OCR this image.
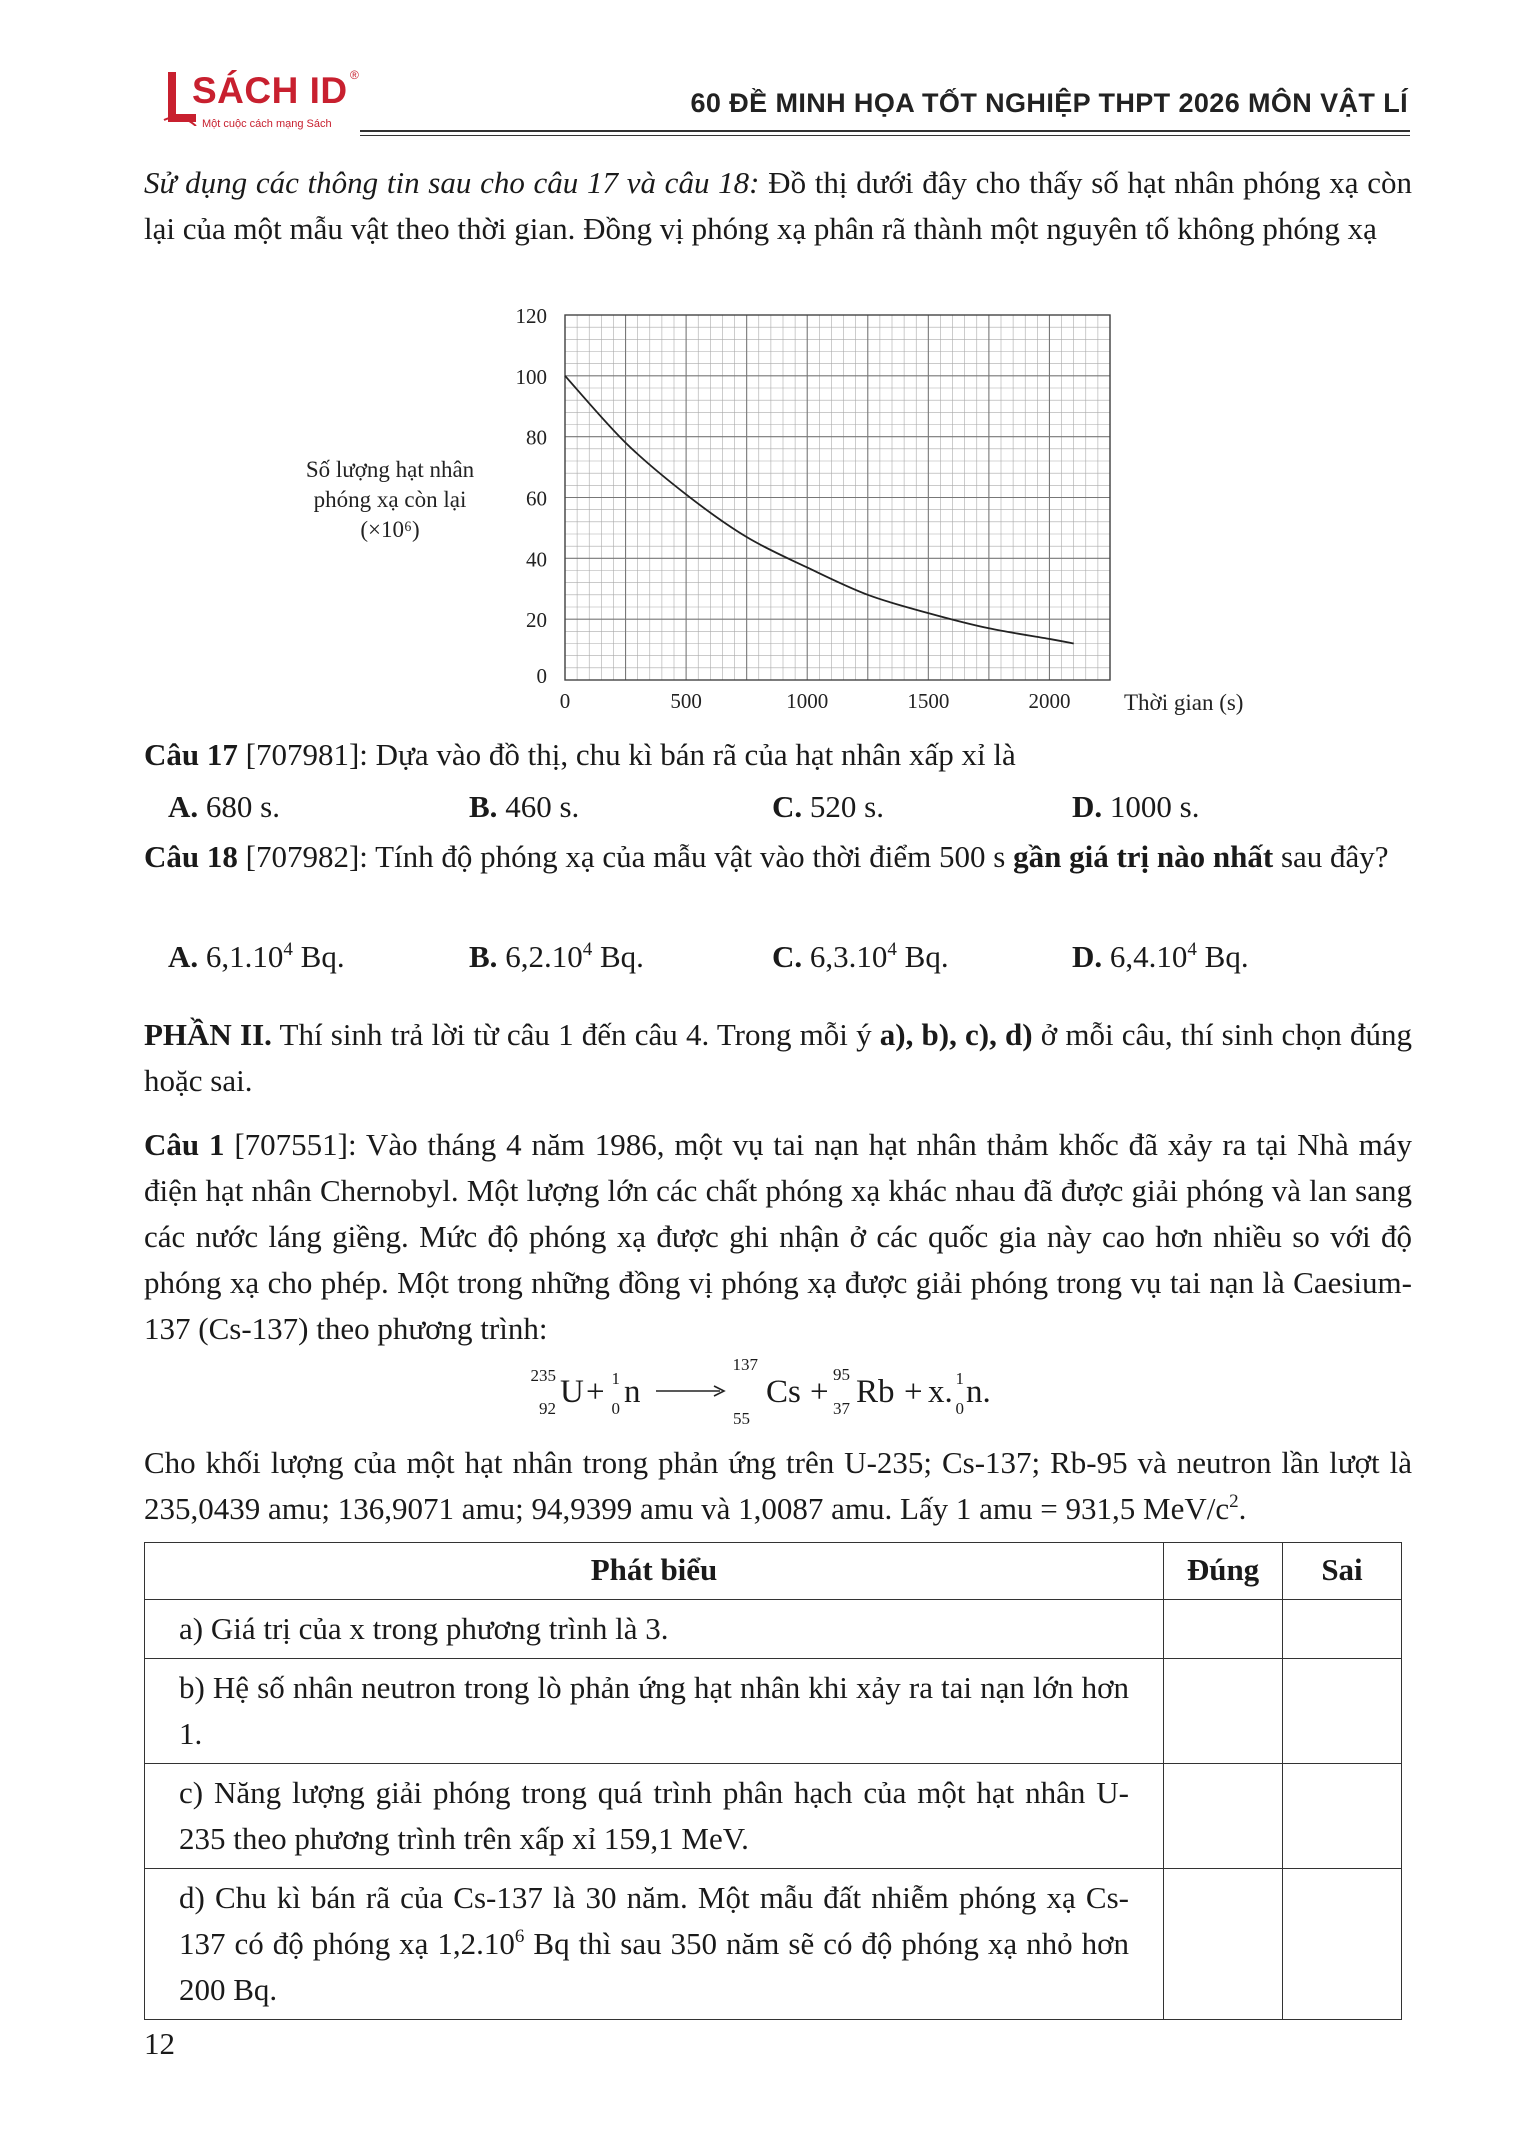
SÁCH ID ®
Một cuộc cách mạng Sách
60 ĐỀ MINH HỌA TỐT NGHIỆP THPT 2026 MÔN VẬT LÍ
Sử dụng các thông tin sau cho câu 17 và câu 18: Đồ thị dưới đây cho thấy số hạt nhân phóng xạ còn lại của một mẫu vật theo thời gian. Đồng vị phóng xạ phân rã thành một nguyên tố không phóng xạ
Số lượng hạt nhân
phóng xạ còn lại
(×10⁶)
0
20
40
60
80
100
120
0	500	1000	1500	2000 Thời gian (s)
Câu 17 [707981]: Dựa vào đồ thị, chu kì bán rã của hạt nhân xấp xỉ là
A. 680 s.	B. 460 s.	C. 520 s.	D. 1000 s.
Câu 18 [707982]: Tính độ phóng xạ của mẫu vật vào thời điểm 500 s gần giá trị nào nhất sau đây?
A. 6,1.10$^4$ Bq.	B. 6,2.10$^4$ Bq.	C. 6,3.10$^4$ Bq.	D. 6,4.10$^4$ Bq.
PHẦN II. Thí sinh trả lời từ câu 1 đến câu 4. Trong mỗi ý a), b), c), d) ở mỗi câu, thí sinh chọn đúng hoặc sai.
Câu 1 [707551]: Vào tháng 4 năm 1986, một vụ tai nạn hạt nhân thảm khốc đã xảy ra tại Nhà máy điện hạt nhân Chernobyl. Một lượng lớn các chất phóng xạ khác nhau đã được giải phóng và lan sang các nước láng giềng. Mức độ phóng xạ được ghi nhận ở các quốc gia này cao hơn nhiều so với độ phóng xạ cho phép. Một trong những đồng vị phóng xạ được giải phóng trong vụ tai nạn là Caesium-137 (Cs-137) theo phương trình:
235
92 U + 1
0 n →
137
55
Cs + 95
37 Rb + x. 1
0 n.
Cho khối lượng của một hạt nhân trong phản ứng trên U-235; Cs-137; Rb-95 và neutron lần lượt là 235,0439 amu; 136,9071 amu; 94,9399 amu và 1,0087 amu. Lấy 1 amu = 931,5 MeV/$c^2$.
Phát biểu	Đúng	Sai
a) Giá trị của x trong phương trình là 3.		
b) Hệ số nhân neutron trong lò phản ứng hạt nhân khi xảy ra tai nạn lớn hơn 1.		
c) Năng lượng giải phóng trong quá trình phân hạch của một hạt nhân U-235 theo phương trình trên xấp xỉ 159,1 MeV.		
d) Chu kì bán rã của Cs-137 là 30 năm. Một mẫu đất nhiễm phóng xạ Cs-137 có độ phóng xạ 1,2.10$^6$ Bq thì sau 350 năm sẽ có độ phóng xạ nhỏ hơn 200 Bq.		
12
